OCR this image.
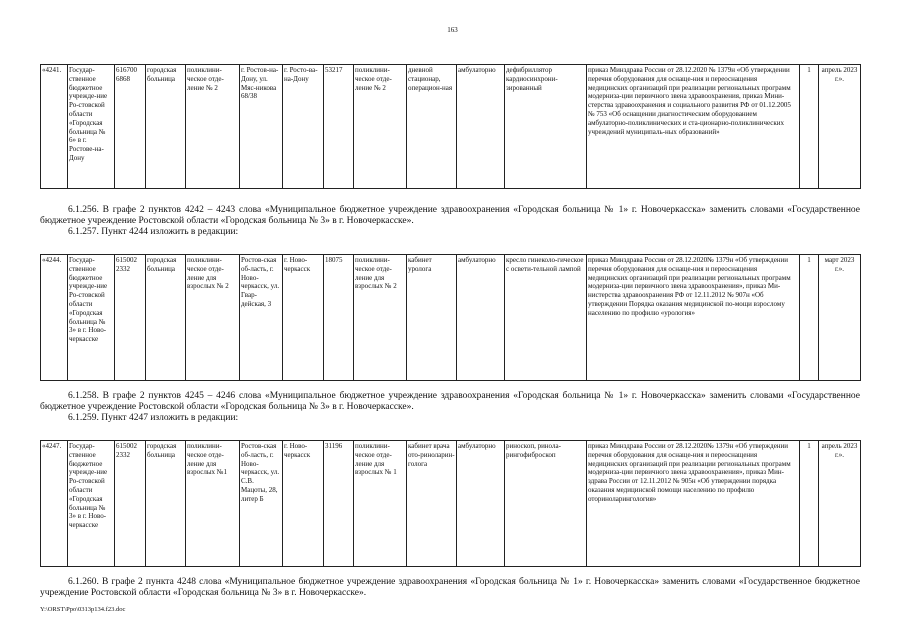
163
«4241.	Государ-ственное бюджетное учрежде-ние Ро-стовской области «Городская больница № 6» в г. Ростове-на-Дону	616700 6868	городская больница	поликлини-ческое отде-ление № 2	г. Ростов-на-Дону, ул. Мяс-никова 68/38	г. Росто-ва-на-Дону	53217	поликлини-ческое отде-ление № 2	дневной стационар, операцион-ная	амбулаторно	дефибриллятор кардиосинхрони-зированный	приказ Минздрава России от 28.12.2020 № 1379н «Об утверждении перечня оборудования для оснаще-ния и переоснащения медицинских организаций при реализации региональных программ модерниза-ции первичного звена здравоохранения, приказ Мини-стерства здравоохранения и социального развития РФ от 01.12.2005 № 753 «Об оснащении диагностическим оборудованием амбулаторно-поликлинических и ста-ционарно-поликлинических учреждений муниципаль-ных образований»	1	апрель 2023 г.».

6.1.256. В графе 2 пунктов 4242 – 4243 слова «Муниципальное бюджетное учреждение здравоохранения «Городская больница № 1» г. Новочеркасска» заменить словами «Государственное бюджетное учреждение Ростовской области «Городская больница № 3» в г. Новочеркасске».

6.1.257. Пункт 4244 изложить в редакции:

«4244.	Государ-ственное бюджетное учрежде-ние Ро-стовской области «Городская больница № 3» в г. Ново-черкасске	615002 2332	городская больница	поликлини-ческое отде-ление для взрослых № 2	Ростов-ская об-ласть, г. Ново-черкасск, ул. Гвар-дейская, 3	г. Ново-черкасск	18075	поликлини-ческое отде-ление для взрослых № 2	кабинет уролога	амбулаторно	кресло гинеколо-гическое с освети-тельной лампой	приказ Минздрава России от 28.12.2020№ 1379н «Об утверждении перечня оборудования для оснаще-ния и переоснащения медицинских организаций при реализации региональных программ модерниза-ции первичного звена здравоохранения», приказ Ми-нистерства здравоохранения РФ от 12.11.2012 № 907н «Об утверждении Порядка оказания медицинской по-мощи взрослому населению по профилю «урология»	1	март 2023 г.».

6.1.258. В графе 2 пунктов 4245 – 4246 слова «Муниципальное бюджетное учреждение здравоохранения «Городская больница № 1» г. Новочеркасска» заменить словами «Государственное бюджетное учреждение Ростовской области «Городская больница № 3» в г. Новочеркасске».

6.1.259. Пункт 4247 изложить в редакции:

«4247.	Государ-ственное бюджетное учрежде-ние Ро-стовской области «Городская больница № 3» в г. Ново-черкасске	615002 2332	городская больница	поликлини-ческое отде-ление для взрослых №1	Ростов-ская об-ласть, г. Ново-черкасск, ул. С.В. Мацоты, 28, литер Б	г. Ново-черкасск	31196	поликлини-ческое отде-ление для взрослых № 1	кабинет врача ото-риноларин-голога	амбулаторно	риноскоп, ринола-рингофиброскоп	приказ Минздрава России от 28.12.2020№ 1379н «Об утверждении перечня оборудования для оснаще-ния и переоснащения медицинских организаций при реализации региональных программ модерниза-ции первичного звена здравоохранения», приказ Мин-здрава России от 12.11.2012 № 905н «Об утверждении порядка оказания медицинской помощи населению по профилю оториноларингология»	1	апрель 2023 г.».

6.1.260. В графе 2 пункта 4248 слова «Муниципальное бюджетное учреждение здравоохранения «Городская больница № 1» г. Новочеркасска» заменить словами «Государственное бюджетное учреждение Ростовской области «Городская больница № 3» в г. Новочеркасске».

Y:\ORST\Ppo\0313p134.f23.doc
